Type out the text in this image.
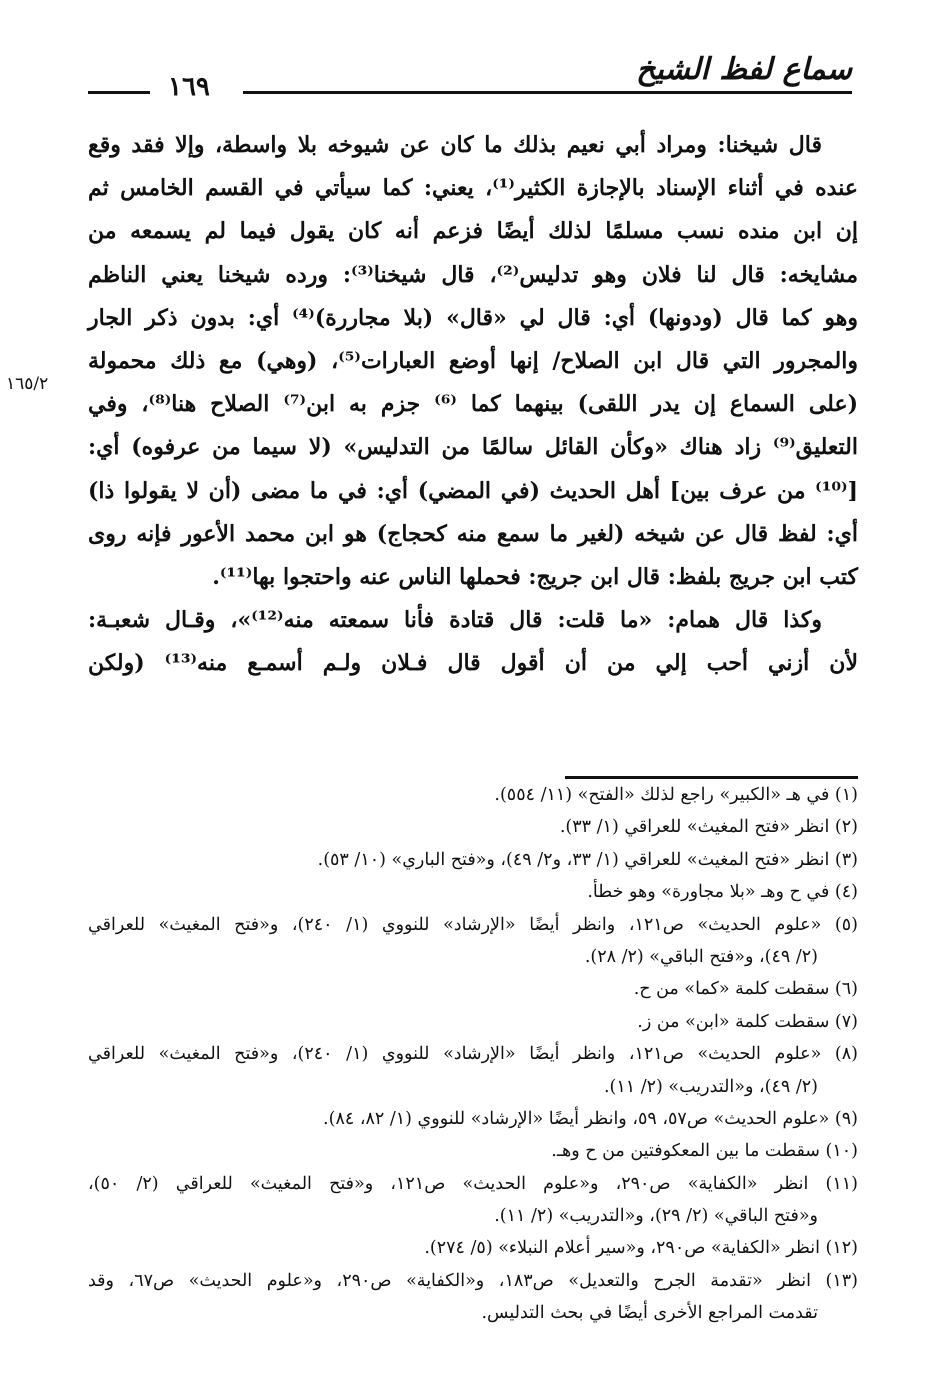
سماع لفظ الشيخ
١٦٩
قال شيخنا: ومراد أبي نعيم بذلك ما كان عن شيوخه بلا واسطة، وإلا فقد وقع
عنده في أثناء الإسناد بالإجازة الكثير⁽¹⁾، يعني: كما سيأتي في القسم الخامس ثم
إن ابن منده نسب مسلمًا لذلك أيضًا فزعم أنه كان يقول فيما لم يسمعه من
مشايخه: قال لنا فلان وهو تدليس⁽²⁾، قال شيخنا⁽³⁾: ورده شيخنا يعني الناظم
وهو كما قال (ودونها) أي: قال لي «قال» (بلا مجاررة)⁽⁴⁾ أي: بدون ذكر الجار
والمجرور التي قال ابن الصلاح/ إنها أوضع العبارات⁽⁵⁾، (وهي) مع ذلك محمولة
(على السماع إن يدر اللقى) بينهما كما ⁽⁶⁾ جزم به ابن⁽⁷⁾ الصلاح هنا⁽⁸⁾، وفي
التعليق⁽⁹⁾ زاد هناك «وكأن القائل سالمًا من التدليس» (لا سيما من عرفوه) أي:
[⁽¹⁰⁾ من عرف بين] أهل الحديث (في المضي) أي: في ما مضى (أن لا يقولوا ذا)
أي: لفظ قال عن شيخه (لغير ما سمع منه كحجاج) هو ابن محمد الأعور فإنه روى
كتب ابن جريج بلفظ: قال ابن جريج: فحملها الناس عنه واحتجوا بها⁽¹¹⁾.
وكذا قال همام: «ما قلت: قال قتادة فأنا سمعته منه⁽¹²⁾»، وقـال شعبـة:
لأن أزني أحب إلي من أن أقول قال فـلان ولـم أسمـع منه⁽¹³⁾ (ولكن
١٦٥/٢
(١) في هـ «الكبير» راجع لذلك «الفتح» (١١/ ٥٥٤).
(٢) انظر «فتح المغيث» للعراقي (١/ ٣٣).
(٣) انظر «فتح المغيث» للعراقي (١/ ٣٣، و٢/ ٤٩)، و«فتح الباري» (١٠/ ٥٣).
(٤) في ح وهـ «بلا مجاورة» وهو خطأ.
(٥) «علوم الحديث» ص١٢١، وانظر أيضًا «الإرشاد» للنووي (١/ ٢٤٠)، و«فتح المغيث» للعراقي
(٢/ ٤٩)، و«فتح الباقي» (٢/ ٢٨).
(٦) سقطت كلمة «كما» من ح.
(٧) سقطت كلمة «ابن» من ز.
(٨) «علوم الحديث» ص١٢١، وانظر أيضًا «الإرشاد» للنووي (١/ ٢٤٠)، و«فتح المغيث» للعراقي
(٢/ ٤٩)، و«التدريب» (٢/ ١١).
(٩) «علوم الحديث» ص٥٧، ٥٩، وانظر أيضًا «الإرشاد» للنووي (١/ ٨٢، ٨٤).
(١٠) سقطت ما بين المعكوفتين من ح وهـ.
(١١) انظر «الكفاية» ص٢٩٠، و«علوم الحديث» ص١٢١، و«فتح المغيث» للعراقي (٢/ ٥٠)،
و«فتح الباقي» (٢/ ٢٩)، و«التدريب» (٢/ ١١).
(١٢) انظر «الكفاية» ص٢٩٠، و«سير أعلام النبلاء» (٥/ ٢٧٤).
(١٣) انظر «تقدمة الجرح والتعديل» ص١٨٣، و«الكفاية» ص٢٩٠، و«علوم الحديث» ص٦٧، وقد
تقدمت المراجع الأخرى أيضًا في بحث التدليس.
